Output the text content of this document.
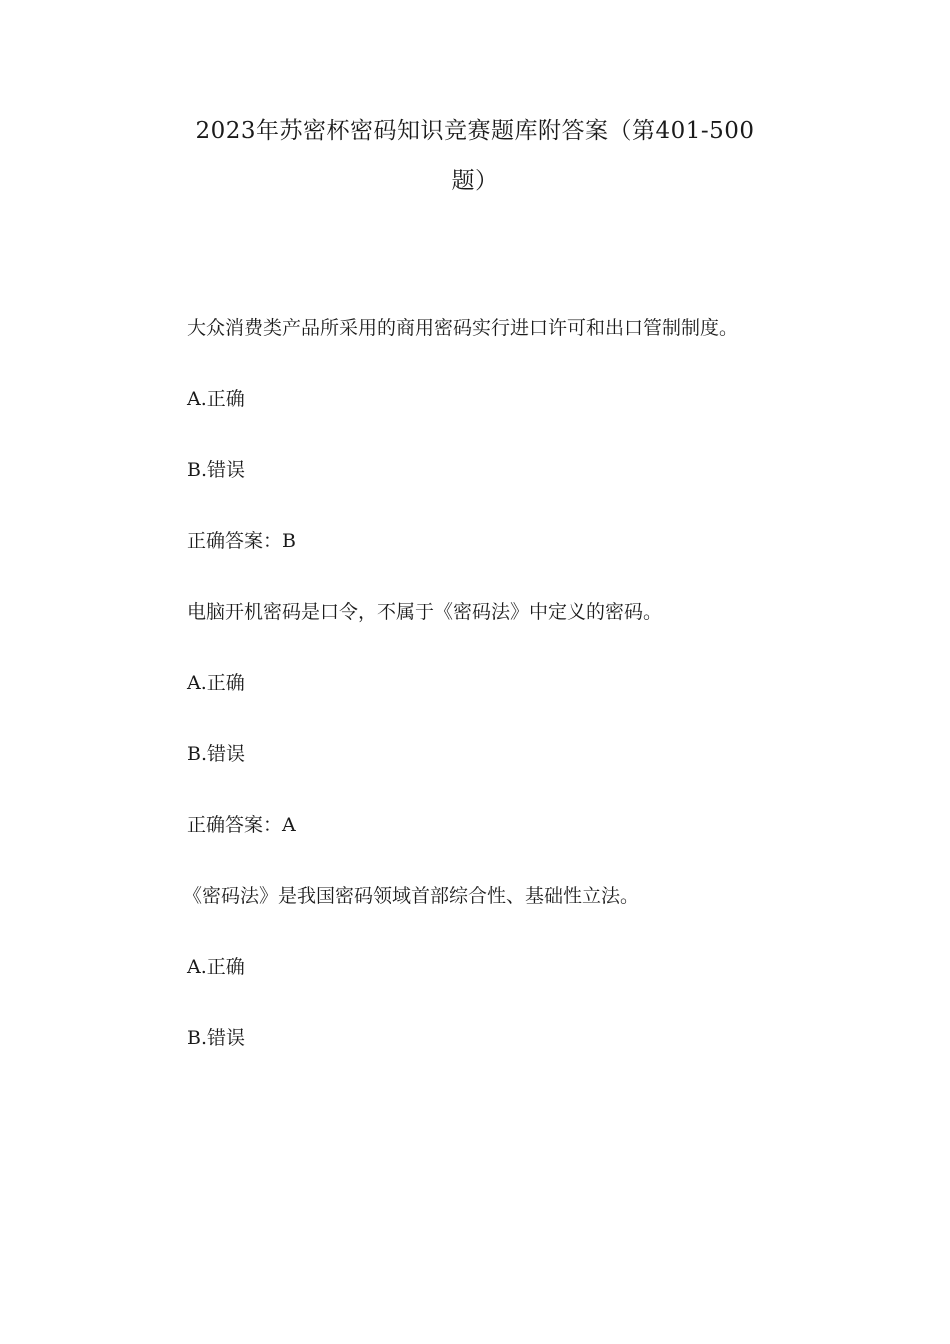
2023年苏密杯密码知识竞赛题库附答案（第401-500
题）
大众消费类产品所采用的商用密码实行进口许可和出口管制制度。
A.正确
B.错误
正确答案：B
电脑开机密码是口令，不属于《密码法》中定义的密码。
A.正确
B.错误
正确答案：A
《密码法》是我国密码领域首部综合性、基础性立法。
A.正确
B.错误
